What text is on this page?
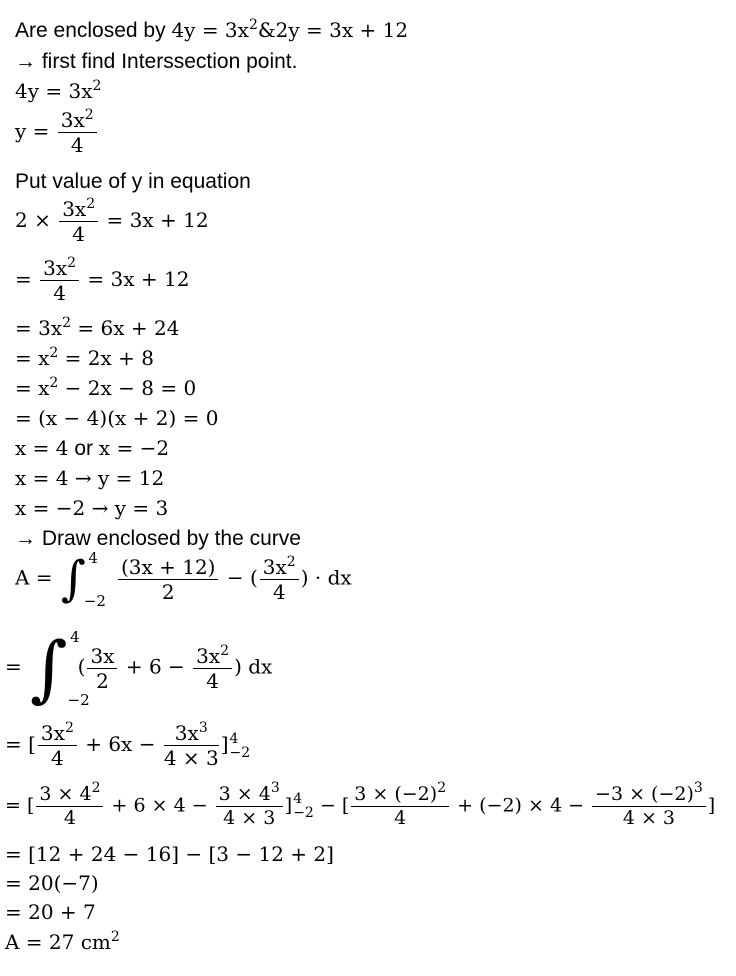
Are enclosed by $4y = 3x^2\&2y = 3x + 12$
→ first find Interssection point.
$4y = 3x^2$
$y = \frac{3x^2}{4}$
Put value of y in equation
$2 \times \frac{3x^2}{4} = 3x + 12$
= $\frac{3x^2}{4} = 3x + 12$
= $3x^2 = 6x + 24$
= $x^2 = 2x + 8$
= $x^2 - 2x - 8 = 0$
= (x − 4)(x + 2) = 0
x = 4 or x = −2
x = 4 → y = 12
x = −2 → y = 3
→ Draw enclosed by the curve
A = ∫ 4
$-2 \frac{(3x + 12)}{2}$ − ( $\frac{3x^2}{4}$ ) · dx
= ∫ 4
−2
( $\frac{3x}{2} + 6 - \frac{3x^2}{4}$ ) dx
= [ $\frac{3x^2}{4} + 6x - \frac{3x^3}{4 \times 3}$ ] 4
−2
= [ $\frac{3 \times 4^2}{4} + 6 \times 4 - \frac{3 \times 4^3}{4 \times 3}$ ] 4
−2 − [ $\frac{3 \times (-2)^2}{4} + (-2) \times 4 - \frac{-3 \times (-2)^3}{4 \times 3}$ ]
= [12 + 24 − 16] − [3 − 12 + 2]
= 20(−7)
= 20 + 7
A = 27 $cm^2$
